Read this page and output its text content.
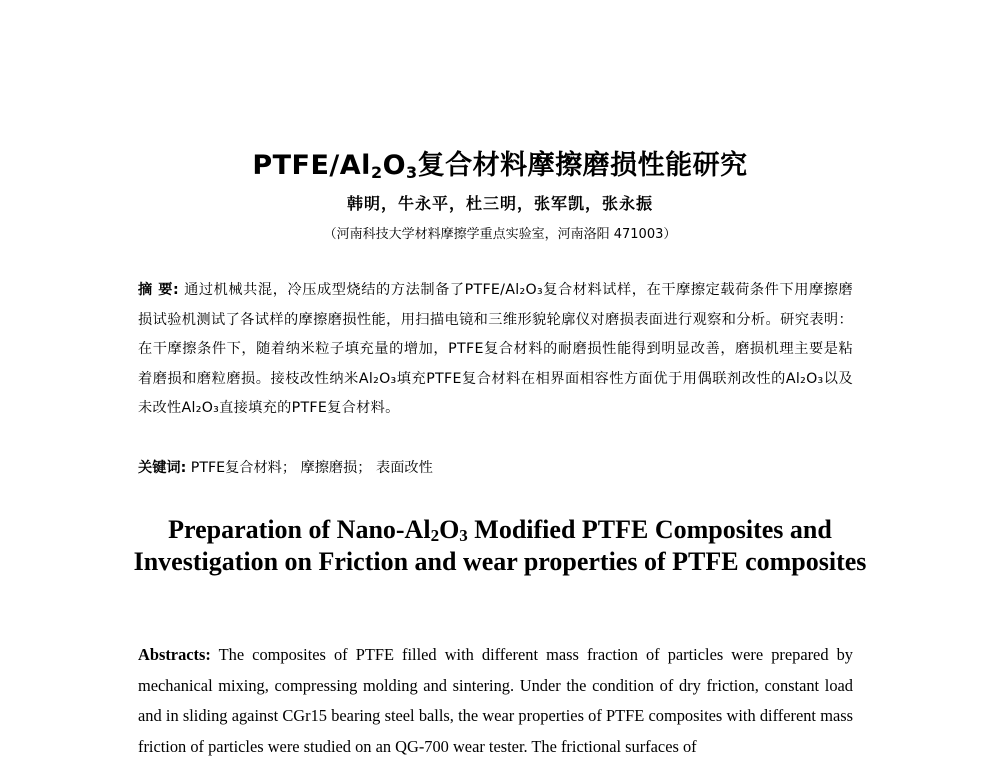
PTFE/$Al_2O_3$复合材料摩擦磨损性能研究
韩明，牛永平，杜三明，张军凯，张永振
（河南科技大学材料摩擦学重点实验室，河南洛阳 471003）
摘 要: 通过机械共混，冷压成型烧结的方法制备了PTFE/Al₂O₃复合材料试样，在干摩擦定载荷条件下用摩擦磨损试验机测试了各试样的摩擦磨损性能，用扫描电镜和三维形貌轮廓仪对磨损表面进行观察和分析。研究表明：在干摩擦条件下，随着纳米粒子填充量的增加，PTFE复合材料的耐磨损性能得到明显改善，磨损机理主要是粘着磨损和磨粒磨损。接枝改性纳米Al₂O₃填充PTFE复合材料在相界面相容性方面优于用偶联剂改性的Al₂O₃以及未改性Al₂O₃直接填充的PTFE复合材料。
关键词: PTFE复合材料； 摩擦磨损； 表面改性
Preparation of Nano-$Al_2O_3$ Modified PTFE Composites and Investigation on Friction and wear properties of PTFE composites
Abstracts: The composites of PTFE filled with different mass fraction of particles were prepared by mechanical mixing, compressing molding and sintering. Under the condition of dry friction, constant load and in sliding against CGr15 bearing steel balls, the wear properties of PTFE composites with different mass friction of particles were studied on an QG-700 wear tester. The frictional surfaces of
